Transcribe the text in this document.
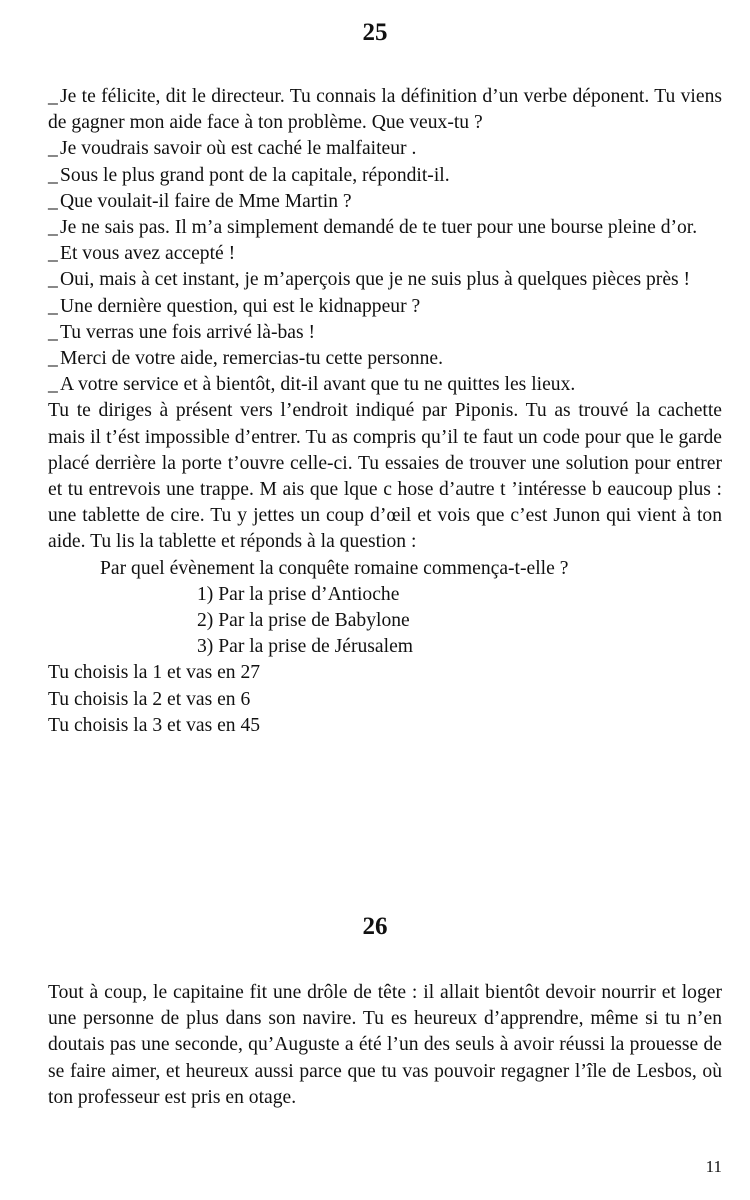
25

_ Je te félicite, dit le directeur. Tu connais la définition d’un verbe déponent. Tu viens de gagner mon aide face à ton problème. Que veux-tu ?

_ Je voudrais savoir où est caché le malfaiteur .

_ Sous le plus grand pont de la capitale, répondit-il.

_ Que voulait-il faire de Mme Martin ?

_ Je ne sais pas. Il m’a simplement demandé de te tuer pour une bourse pleine d’or.

_ Et vous avez accepté !

_ Oui, mais à cet instant, je m’aperçois que je ne suis plus à quelques pièces près !

_ Une dernière question, qui est le kidnappeur ?

_ Tu verras une fois arrivé là-bas !

_ Merci de votre aide, remercias-tu cette personne.

_ A votre service et à bientôt, dit-il avant que tu ne quittes les lieux.

Tu te diriges à présent vers l’endroit indiqué par Piponis. Tu as trouvé la cachette mais il t’ést impossible d’entrer. Tu as compris qu’il te faut un code pour que le garde placé derrière la porte t’ouvre celle-ci. Tu essaies de trouver une solution pour entrer et tu entrevois une trappe. M ais que lque c hose d’autre t ’intéresse b eaucoup plus : une tablette de cire. Tu y jettes un coup d’œil et vois que c’est Junon qui vient à ton aide. Tu lis la tablette et réponds à la question :

Par quel évènement la conquête romaine commença-t-elle ?

1) Par la prise d’Antioche

2) Par la prise de Babylone

3) Par la prise de Jérusalem

Tu choisis la 1 et vas en 27

Tu choisis la 2 et vas en 6

Tu choisis la 3 et vas en 45

26

Tout à coup, le capitaine fit une drôle de tête : il allait bientôt devoir nourrir et loger une personne de plus dans son navire. Tu es heureux d’apprendre, même si tu n’en doutais pas une seconde, qu’Auguste a été l’un des seuls à avoir réussi la prouesse de se faire aimer, et heureux aussi parce que tu vas pouvoir regagner l’île de Lesbos, où ton professeur est pris en otage.

11
